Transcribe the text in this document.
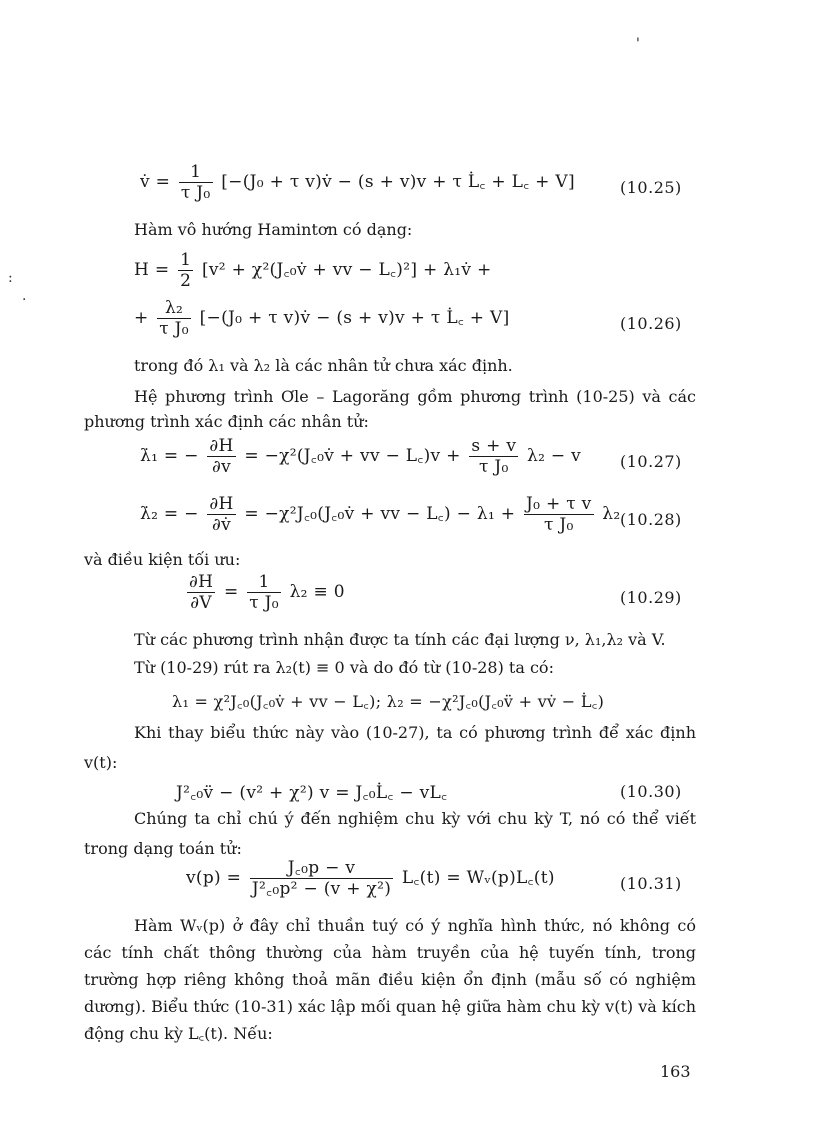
'
:
·
v̇ = $\frac{1}{\text{τ J₀}} [-(J_0 + \tau$ v)v̇ − (s + v)v + τ L̇꜀ + L꜀ + V]	(10.25)
Hàm vô hướng Hamintơn có dạng:
$H = \frac{1}{2} [v^2$ + χ²(J꜀₀v̇ + vv − L꜀)²] + λ₁v̇ +
+ $\frac{\text{λ₂}}{\text{τ J₀}} [-(J_0 + \tau$ v)v̇ − (s + v)v + τ L̇꜀ + V]	(10.26)
trong đó λ₁ và λ₂ là các nhân tử chưa xác định.
Hệ phương trình Ơle – Lagorăng gồm phương trình (10-25) và các phương trình xác định các nhân tử:
λ̇₁ = − $\frac{\partial H}{\partial v}$ = −χ²(J꜀₀v̇ + vv − L꜀)v + $\frac{s + v}{\text{τ J₀}} \lambda_2 - v$ (10.27)
λ̇₂ = − $\frac{\partial H}{\partial v̇}$ = −χ²J꜀₀(J꜀₀v̇ + vv − L꜀) − $\lambda_1 + \frac{\text{J₀ + τ v}}{\text{τ J₀}} \lambda_2$ (10.28)
và điều kiện tối ưu:
$\frac{\partial H}{\partial V} = \frac{1}{\text{τ J₀}} \lambda_2 \equiv 0$	(10.29)
Từ các phương trình nhận được ta tính các đại lượng ν, λ₁,λ₂ và V.
Từ (10-29) rút ra λ₂(t) ≡ 0 và do đó từ (10-28) ta có:
λ₁ = χ²J꜀₀(J꜀₀v̇ + vv − L꜀); λ₂ = −χ²J꜀₀(J꜀₀v̈ + vv̇ − L̇꜀)
Khi thay biểu thức này vào (10-27), ta có phương trình để xác định v(t):
J²꜀₀v̈ − (v² + χ²) v = J꜀₀L̇꜀ − vL꜀	(10.30)
Chúng ta chỉ chú ý đến nghiệm chu kỳ với chu kỳ T, nó có thể viết trong dạng toán tử:
$v(p) = \frac{\text{J꜀₀p − v}}{\text{J²꜀₀p² − (v + χ²)}}$ L꜀(t) = Wᵥ(p)L꜀(t)	(10.31)
Hàm Wᵥ(p) ở đây chỉ thuần tuý có ý nghĩa hình thức, nó không có các tính chất thông thường của hàm truyền của hệ tuyến tính, trong trường hợp riêng không thoả mãn điều kiện ổn định (mẫu số có nghiệm dương). Biểu thức (10-31) xác lập mối quan hệ giữa hàm chu kỳ v(t) và kích động chu kỳ L꜀(t). Nếu:
163
